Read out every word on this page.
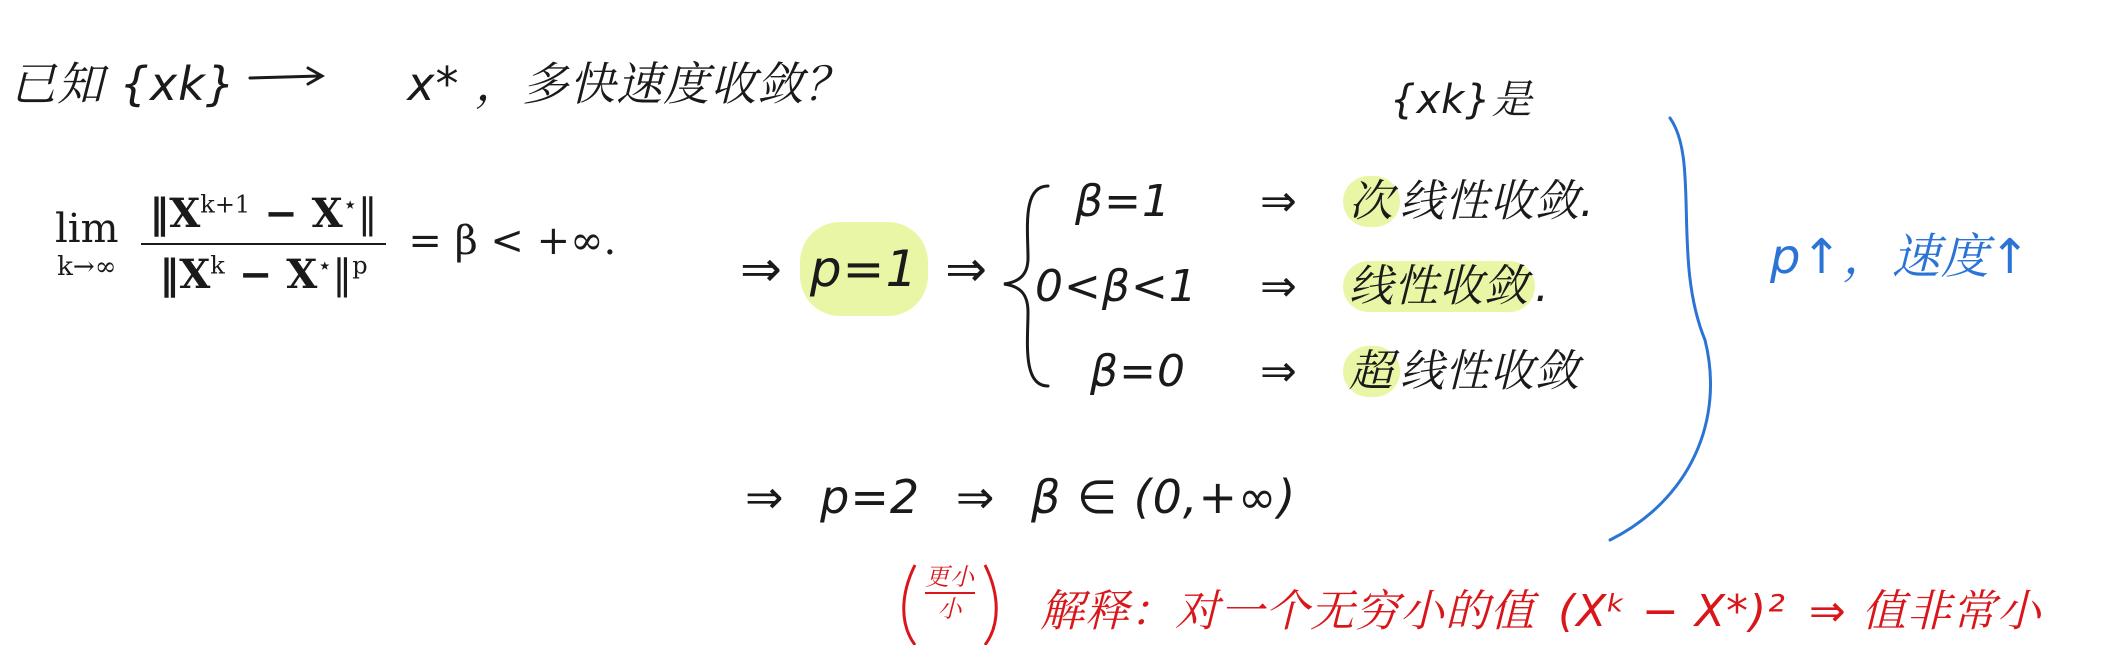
已知 {xk}	x* ，多快速度收敛？	{xk}是
lim
k→∞
$\frac{‖X^{k+1} - X^⋆‖}{‖X^k - X^⋆‖^p} = \beta$ < +∞. ⇒ p=1 ⇒
β=1 ⇒ 次 线性收敛.
0<β<1 ⇒ 线性收敛 .
β=0 ⇒ 超 线性收敛
p↑，速度↑
⇒ p=2 ⇒ β ∈ (0,+∞)
更小
小 解释：对一个无穷小的值 (Xᵏ − X*)² ⇒ 值非常小
